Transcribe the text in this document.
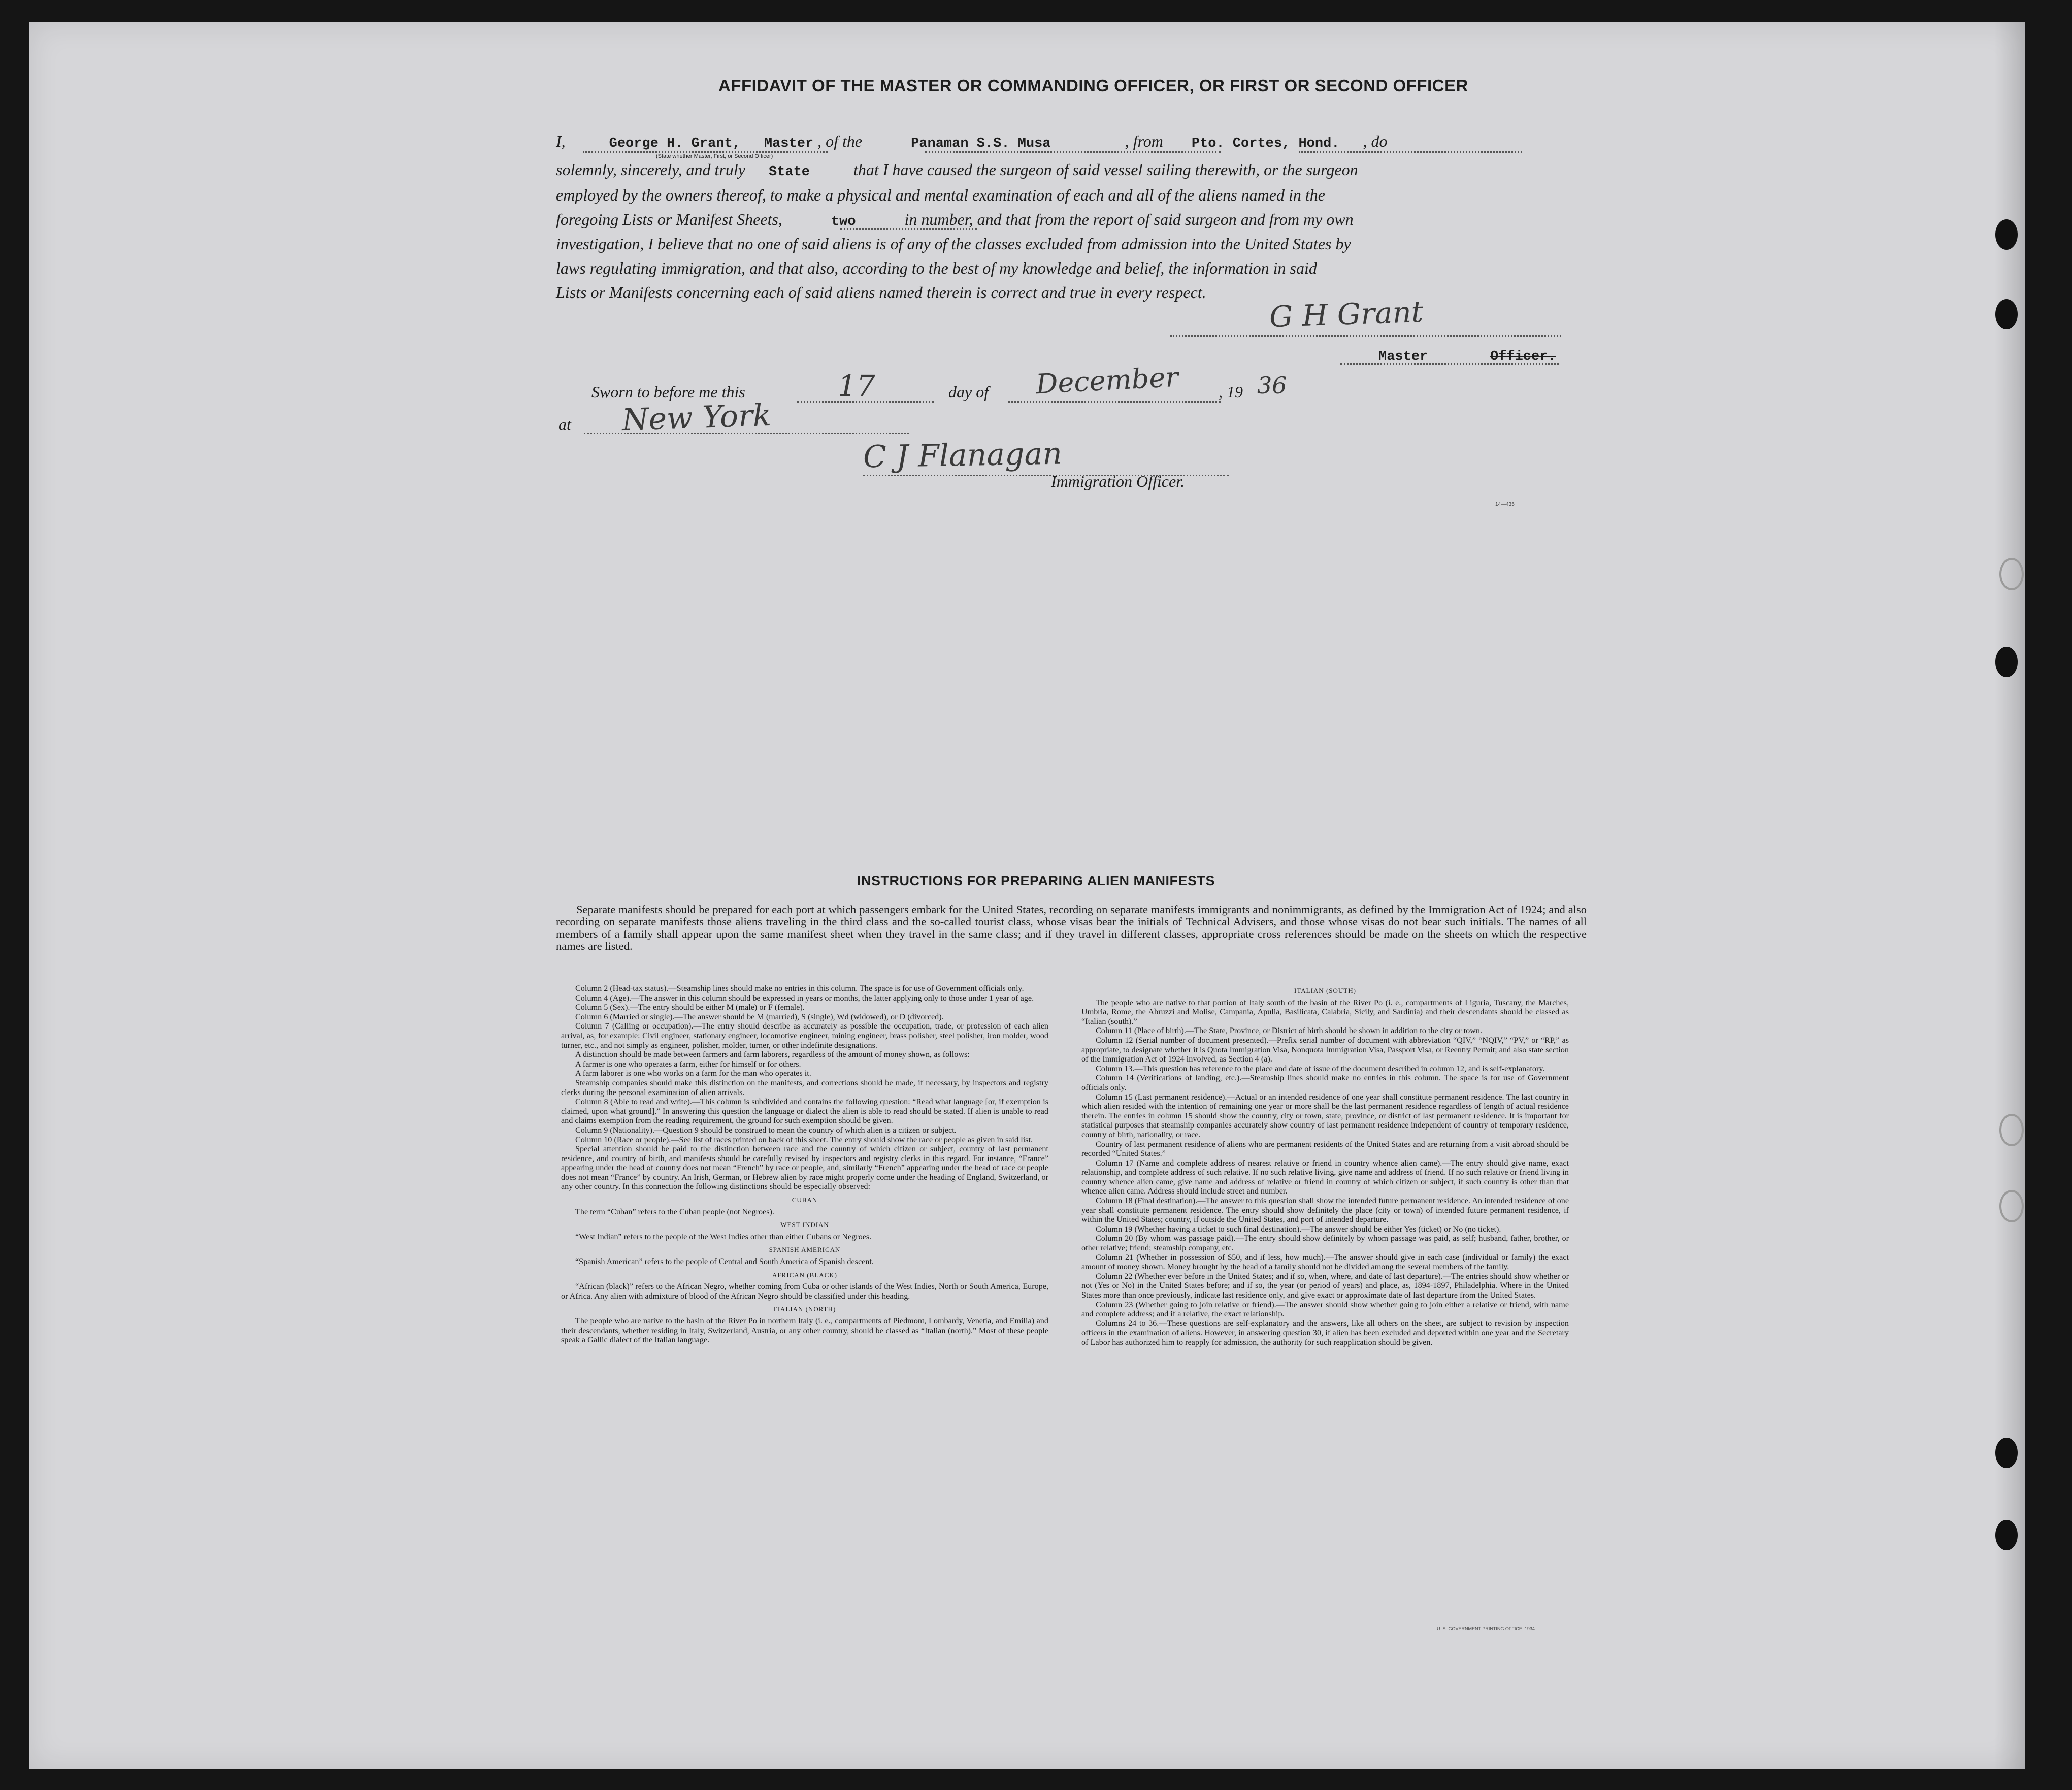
AFFIDAVIT OF THE MASTER OR COMMANDING OFFICER, OR FIRST OR SECOND OFFICER
I,	George H. Grant, Master , of the	Panaman S.S. Musa	, from Pto. Cortes, Hond. , do
(State whether Master, First, or Second Officer)
solemnly, sincerely, and truly State	that I have caused the surgeon of said vessel sailing therewith, or the surgeon
employed by the owners thereof, to make a physical and mental examination of each and all of the aliens named in the
foregoing Lists or Manifest Sheets,	two	in number, and that from the report of said surgeon and from my own
investigation, I believe that no one of said aliens is of any of the classes excluded from admission into the United States by
laws regulating immigration, and that also, according to the best of my knowledge and belief, the information in said
Lists or Manifests concerning each of said aliens named therein is correct and true in every respect.
G H Grant
Master	Officer.
Sworn to before me this	17	day of December , 19 36
at New York
C J Flanagan
Immigration Officer.
14—435
INSTRUCTIONS FOR PREPARING ALIEN MANIFESTS
Separate manifests should be prepared for each port at which passengers embark for the United States, recording on separate manifests immigrants and nonimmigrants, as defined by the Immigration Act of 1924; and also recording on separate manifests those aliens traveling in the third class and the so-called tourist class, whose visas bear the initials of Technical Advisers, and those whose visas do not bear such initials. The names of all members of a family shall appear upon the same manifest sheet when they travel in the same class; and if they travel in different classes, appropriate cross references should be made on the sheets on which the respective names are listed.

Column 2 (Head-tax status).—Steamship lines should make no entries in this column. The space is for use of Government officials only.

Column 4 (Age).—The answer in this column should be expressed in years or months, the latter applying only to those under 1 year of age.

Column 5 (Sex).—The entry should be either M (male) or F (female).

Column 6 (Married or single).—The answer should be M (married), S (single), Wd (widowed), or D (divorced).

Column 7 (Calling or occupation).—The entry should describe as accurately as possible the occupation, trade, or profession of each alien arrival, as, for example: Civil engineer, stationary engineer, locomotive engineer, mining engineer, brass polisher, steel polisher, iron molder, wood turner, etc., and not simply as engineer, polisher, molder, turner, or other indefinite designations.

A distinction should be made between farmers and farm laborers, regardless of the amount of money shown, as follows:

A farmer is one who operates a farm, either for himself or for others.

A farm laborer is one who works on a farm for the man who operates it.

Steamship companies should make this distinction on the manifests, and corrections should be made, if necessary, by inspectors and registry clerks during the personal examination of alien arrivals.

Column 8 (Able to read and write).—This column is subdivided and contains the following question: “Read what language [or, if exemption is claimed, upon what ground].” In answering this question the language or dialect the alien is able to read should be stated. If alien is unable to read and claims exemption from the reading requirement, the ground for such exemption should be given.

Column 9 (Nationality).—Question 9 should be construed to mean the country of which alien is a citizen or subject.

Column 10 (Race or people).—See list of races printed on back of this sheet. The entry should show the race or people as given in said list.

Special attention should be paid to the distinction between race and the country of which citizen or subject, country of last permanent residence, and country of birth, and manifests should be carefully revised by inspectors and registry clerks in this regard. For instance, “France” appearing under the head of country does not mean “French” by race or people, and, similarly “French” appearing under the head of race or people does not mean “France” by country. An Irish, German, or Hebrew alien by race might properly come under the heading of England, Switzerland, or any other country. In this connection the following distinctions should be especially observed:

CUBAN

The term “Cuban” refers to the Cuban people (not Negroes).

WEST INDIAN

“West Indian” refers to the people of the West Indies other than either Cubans or Negroes.

SPANISH AMERICAN

“Spanish American” refers to the people of Central and South America of Spanish descent.

AFRICAN (BLACK)

“African (black)” refers to the African Negro, whether coming from Cuba or other islands of the West Indies, North or South America, Europe, or Africa. Any alien with admixture of blood of the African Negro should be classified under this heading.

ITALIAN (NORTH)

The people who are native to the basin of the River Po in northern Italy (i. e., compartments of Piedmont, Lombardy, Venetia, and Emilia) and their descendants, whether residing in Italy, Switzerland, Austria, or any other country, should be classed as “Italian (north).” Most of these people speak a Gallic dialect of the Italian language.

ITALIAN (SOUTH)

The people who are native to that portion of Italy south of the basin of the River Po (i. e., compartments of Liguria, Tuscany, the Marches, Umbria, Rome, the Abruzzi and Molise, Campania, Apulia, Basilicata, Calabria, Sicily, and Sardinia) and their descendants should be classed as “Italian (south).”

Column 11 (Place of birth).—The State, Province, or District of birth should be shown in addition to the city or town.

Column 12 (Serial number of document presented).—Prefix serial number of document with abbreviation “QIV,” “NQIV,” “PV,” or “RP,” as appropriate, to designate whether it is Quota Immigration Visa, Nonquota Immigration Visa, Passport Visa, or Reentry Permit; and also state section of the Immigration Act of 1924 involved, as Section 4 (a).

Column 13.—This question has reference to the place and date of issue of the document described in column 12, and is self-explanatory.

Column 14 (Verifications of landing, etc.).—Steamship lines should make no entries in this column. The space is for use of Government officials only.

Column 15 (Last permanent residence).—Actual or an intended residence of one year shall constitute permanent residence. The last country in which alien resided with the intention of remaining one year or more shall be the last permanent residence regardless of length of actual residence therein. The entries in column 15 should show the country, city or town, state, province, or district of last permanent residence. It is important for statistical purposes that steamship companies accurately show country of last permanent residence independent of country of temporary residence, country of birth, nationality, or race.

Country of last permanent residence of aliens who are permanent residents of the United States and are returning from a visit abroad should be recorded “United States.”

Column 17 (Name and complete address of nearest relative or friend in country whence alien came).—The entry should give name, exact relationship, and complete address of such relative. If no such relative living, give name and address of friend. If no such relative or friend living in country whence alien came, give name and address of relative or friend in country of which citizen or subject, if such country is other than that whence alien came. Address should include street and number.

Column 18 (Final destination).—The answer to this question shall show the intended future permanent residence. An intended residence of one year shall constitute permanent residence. The entry should show definitely the place (city or town) of intended future permanent residence, if within the United States; country, if outside the United States, and port of intended departure.

Column 19 (Whether having a ticket to such final destination).—The answer should be either Yes (ticket) or No (no ticket).

Column 20 (By whom was passage paid).—The entry should show definitely by whom passage was paid, as self; husband, father, brother, or other relative; friend; steamship company, etc.

Column 21 (Whether in possession of $50, and if less, how much).—The answer should give in each case (individual or family) the exact amount of money shown. Money brought by the head of a family should not be divided among the several members of the family.

Column 22 (Whether ever before in the United States; and if so, when, where, and date of last departure).—The entries should show whether or not (Yes or No) in the United States before; and if so, the year (or period of years) and place, as, 1894-1897, Philadelphia. Where in the United States more than once previously, indicate last residence only, and give exact or approximate date of last departure from the United States.

Column 23 (Whether going to join relative or friend).—The answer should show whether going to join either a relative or friend, with name and complete address; and if a relative, the exact relationship.

Columns 24 to 36.—These questions are self-explanatory and the answers, like all others on the sheet, are subject to revision by inspection officers in the examination of aliens. However, in answering question 30, if alien has been excluded and deported within one year and the Secretary of Labor has authorized him to reapply for admission, the authority for such reapplication should be given.

U. S. GOVERNMENT PRINTING OFFICE: 1934
